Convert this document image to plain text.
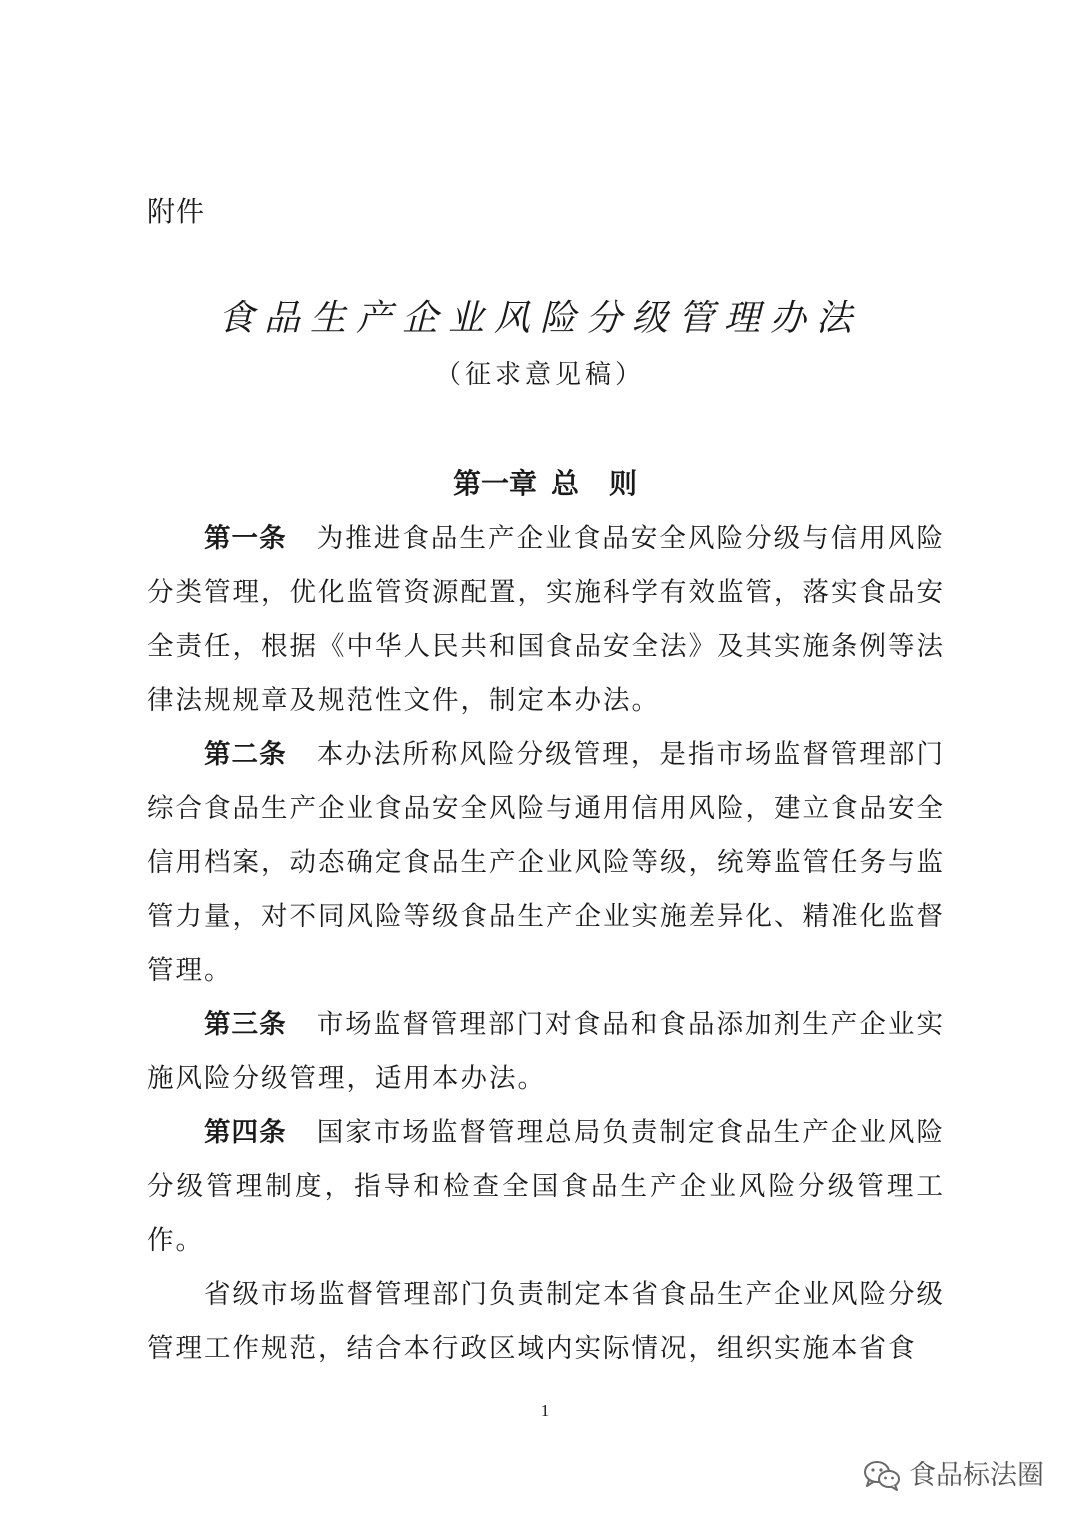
附件
食品生产企业风险分级管理办法
（征求意见稿）
第一章 总 则

第一条 为推进食品生产企业食品安全风险分级与信用风险分类管理，优化监管资源配置，实施科学有效监管，落实食品安全责任，根据《中华人民共和国食品安全法》及其实施条例等法律法规规章及规范性文件，制定本办法。

第二条 本办法所称风险分级管理，是指市场监督管理部门综合食品生产企业食品安全风险与通用信用风险，建立食品安全信用档案，动态确定食品生产企业风险等级，统筹监管任务与监管力量，对不同风险等级食品生产企业实施差异化、精准化监督管理。

第三条 市场监督管理部门对食品和食品添加剂生产企业实施风险分级管理，适用本办法。

第四条 国家市场监督管理总局负责制定食品生产企业风险分级管理制度，指导和检查全国食品生产企业风险分级管理工作。

省级市场监督管理部门负责制定本省食品生产企业风险分级管理工作规范，结合本行政区域内实际情况，组织实施本省食

1
食品标法圈
